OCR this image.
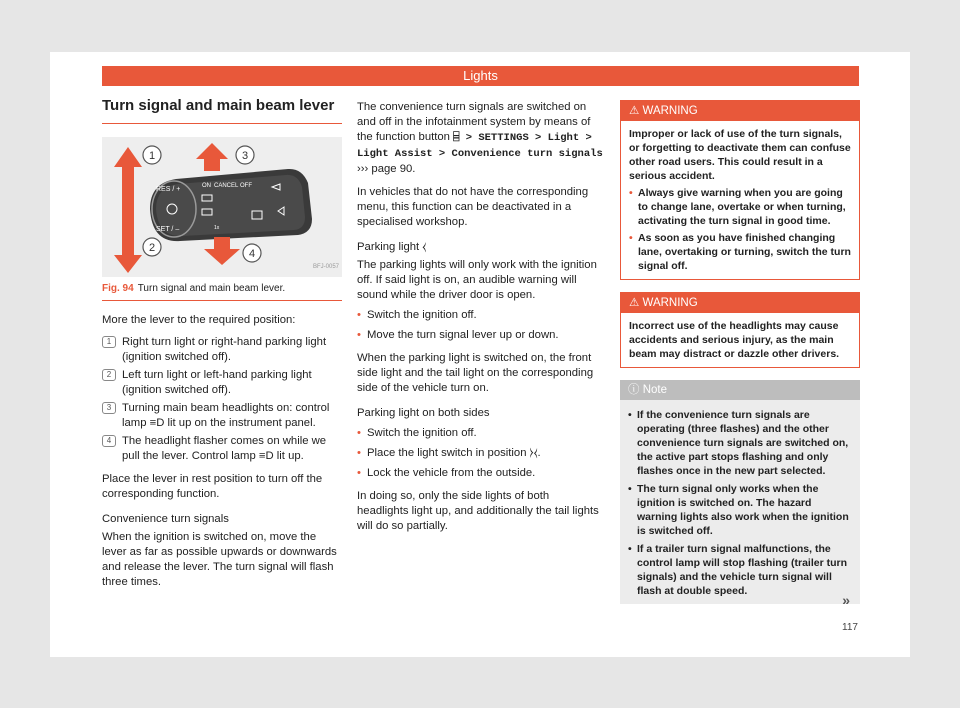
Lights
Turn signal and main beam lever
RES / +	ON CANCEL OFF
SET / –	1x
1
2
3
4
BFJ-0057
Fig. 94 Turn signal and main beam lever.

More the lever to the required position:

1 Right turn light or right-hand parking light (ignition switched off).
2 Left turn light or left-hand parking light (ignition switched off).
3 Turning main beam headlights on: control lamp ≡D lit up on the instrument panel.
4 The headlight flasher comes on while we pull the lever. Control lamp ≡D lit up.

Place the lever in rest position to turn off the corresponding function.

Convenience turn signals

When the ignition is switched on, move the lever as far as possible upwards or downwards and release the lever. The turn signal will flash three times.

The convenience turn signals are switched on and off in the infotainment system by means of the function button ⌸ > SETTINGS > Light > Light Assist > Convenience turn signals ››› page 90.

In vehicles that do not have the corresponding menu, this function can be deactivated in a specialised workshop.

Parking light ⧼

The parking lights will only work with the ignition off. If said light is on, an audible warning will sound while the driver door is open.

• Switch the ignition off.
• Move the turn signal lever up or down.

When the parking light is switched on, the front side light and the tail light on the corresponding side of the vehicle turn on.

Parking light on both sides

• Switch the ignition off.
• Place the light switch in position ⧽⧼.
• Lock the vehicle from the outside.

In doing so, only the side lights of both headlights light up, and additionally the tail lights will do so partially.

⚠ WARNING
Improper or lack of use of the turn signals, or forgetting to deactivate them can confuse other road users. This could result in a serious accident.
• Always give warning when you are going to change lane, overtake or when turning, activating the turn signal in good time.
• As soon as you have finished changing lane, overtaking or turning, switch the turn signal off.
⚠ WARNING
Incorrect use of the headlights may cause accidents and serious injury, as the main beam may distract or dazzle other drivers.
ⓘ Note
• If the convenience turn signals are operating (three flashes) and the other convenience turn signals are switched on, the active part stops flashing and only flashes once in the new part selected.
• The turn signal only works when the ignition is switched on. The hazard warning lights also work when the ignition is switched off.
• If a trailer turn signal malfunctions, the control lamp will stop flashing (trailer turn signals) and the vehicle turn signal will flash at double speed.
»
117
